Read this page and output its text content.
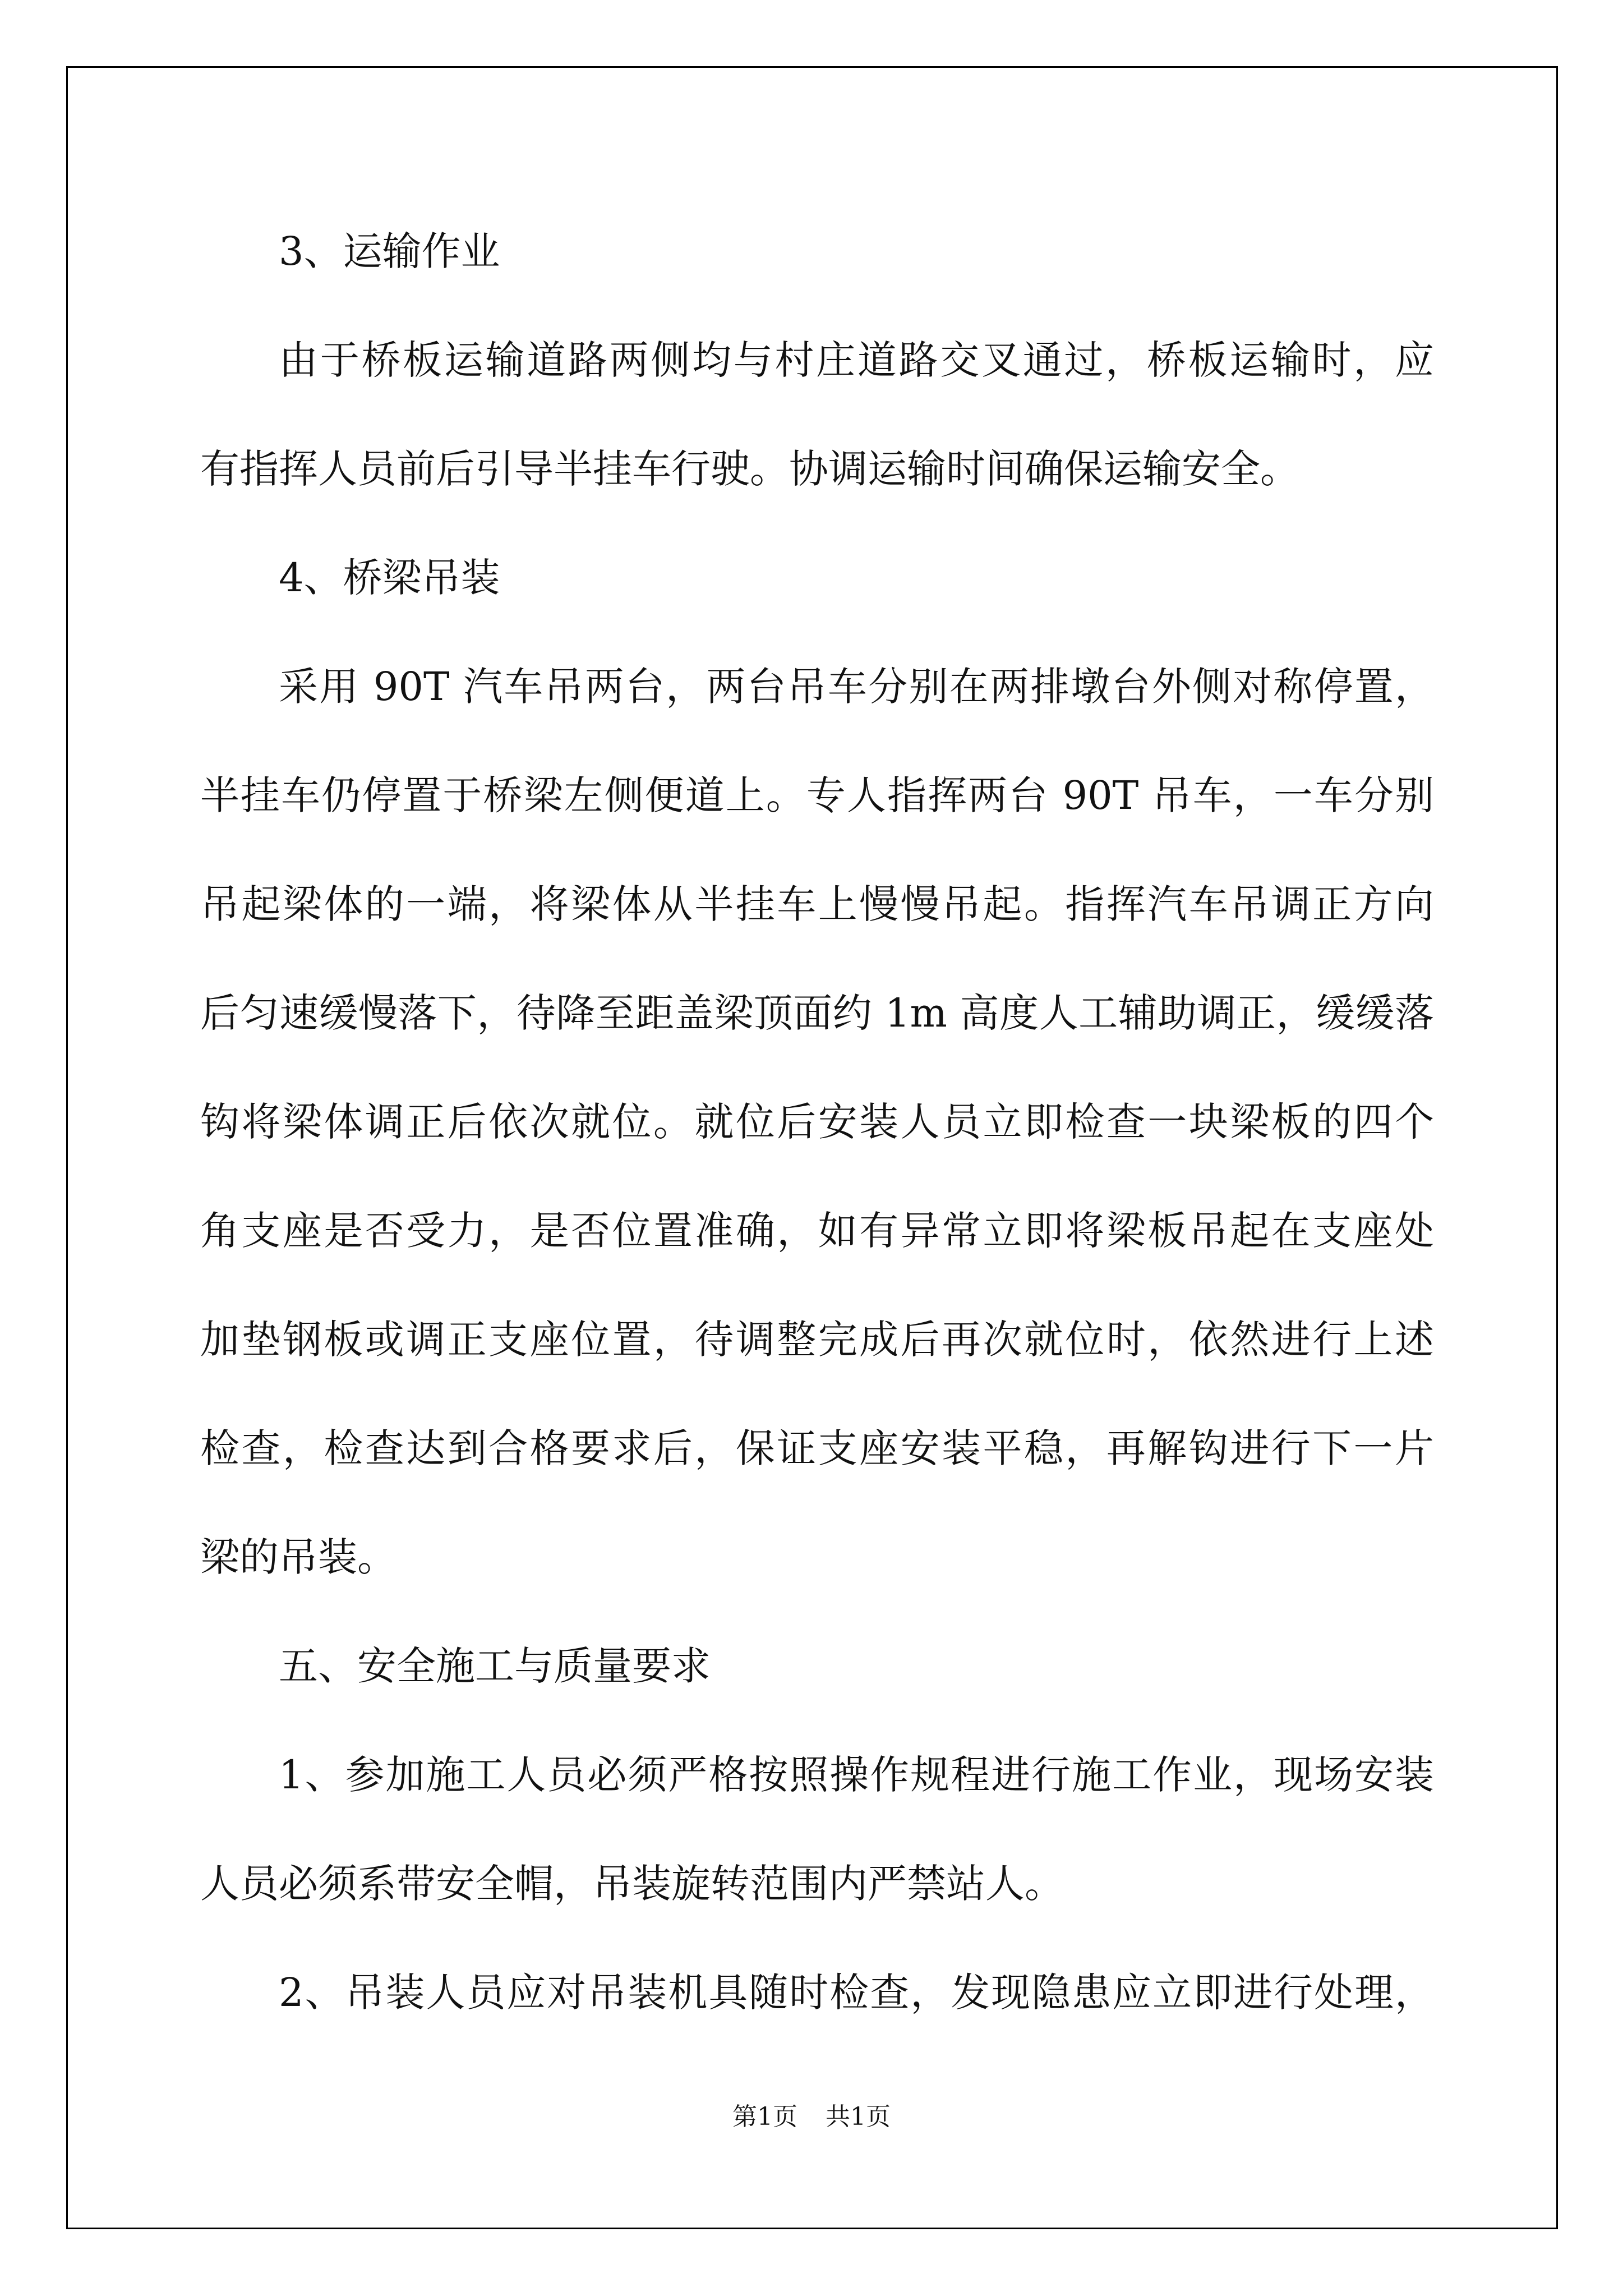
3、运输作业
由于桥板运输道路两侧均与村庄道路交叉通过，桥板运输时，应
有指挥人员前后引导半挂车行驶。协调运输时间确保运输安全。
4、桥梁吊装
采用 90T 汽车吊两台，两台吊车分别在两排墩台外侧对称停置，
半挂车仍停置于桥梁左侧便道上。专人指挥两台 90T 吊车，一车分别
吊起梁体的一端，将梁体从半挂车上慢慢吊起。指挥汽车吊调正方向
后匀速缓慢落下，待降至距盖梁顶面约 1m 高度人工辅助调正，缓缓落
钩将梁体调正后依次就位。就位后安装人员立即检查一块梁板的四个
角支座是否受力，是否位置准确，如有异常立即将梁板吊起在支座处
加垫钢板或调正支座位置，待调整完成后再次就位时，依然进行上述
检查，检查达到合格要求后，保证支座安装平稳，再解钩进行下一片
梁的吊装。
五、安全施工与质量要求
1、参加施工人员必须严格按照操作规程进行施工作业，现场安装
人员必须系带安全帽，吊装旋转范围内严禁站人。
2、吊装人员应对吊装机具随时检查，发现隐患应立即进行处理，
第1页 共1页
